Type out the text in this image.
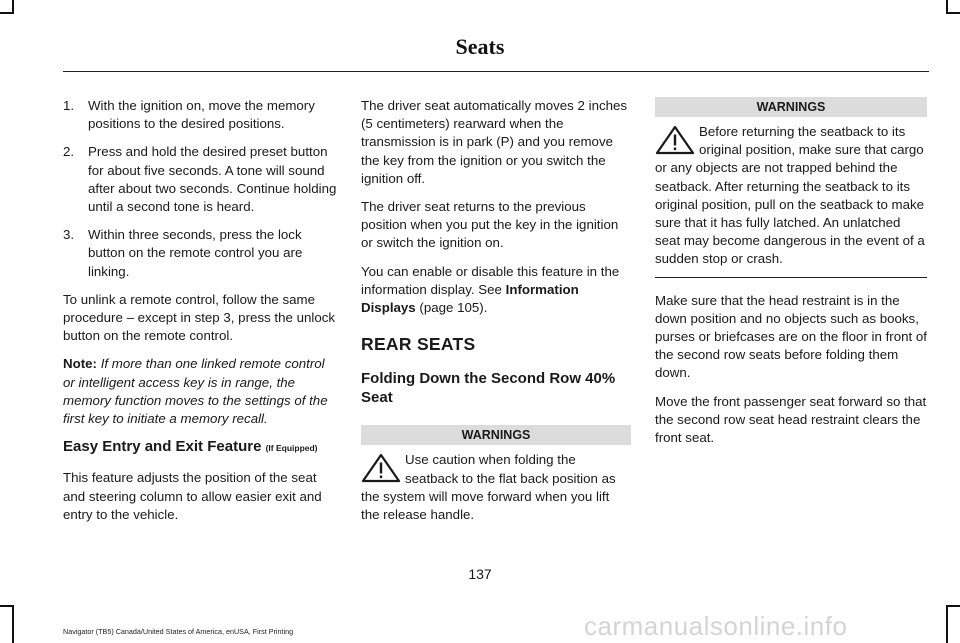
Seats
1. With the ignition on, move the memory positions to the desired positions.
2. Press and hold the desired preset button for about five seconds. A tone will sound after about two seconds. Continue holding until a second tone is heard.
3. Within three seconds, press the lock button on the remote control you are linking.

To unlink a remote control, follow the same procedure – except in step 3, press the unlock button on the remote control.

Note: If more than one linked remote control or intelligent access key is in range, the memory function moves to the settings of the first key to initiate a memory recall.

Easy Entry and Exit Feature (If Equipped)

This feature adjusts the position of the seat and steering column to allow easier exit and entry to the vehicle.

The driver seat automatically moves 2 inches (5 centimeters) rearward when the transmission is in park (P) and you remove the key from the ignition or you switch the ignition off.

The driver seat returns to the previous position when you put the key in the ignition or switch the ignition on.

You can enable or disable this feature in the information display. See Information Displays (page 105).

REAR SEATS
Folding Down the Second Row 40% Seat
WARNINGS
Use caution when folding the seatback to the flat back position as the system will move forward when you lift the release handle.
WARNINGS
Before returning the seatback to its original position, make sure that cargo or any objects are not trapped behind the seatback. After returning the seatback to its original position, pull on the seatback to make sure that it has fully latched. An unlatched seat may become dangerous in the event of a sudden stop or crash.

Make sure that the head restraint is in the down position and no objects such as books, purses or briefcases are on the floor in front of the second row seats before folding them down.

Move the front passenger seat forward so that the second row seat head restraint clears the front seat.

137
Navigator (TB5) Canada/United States of America, enUSA, First Printing	carmanualsonline.info
